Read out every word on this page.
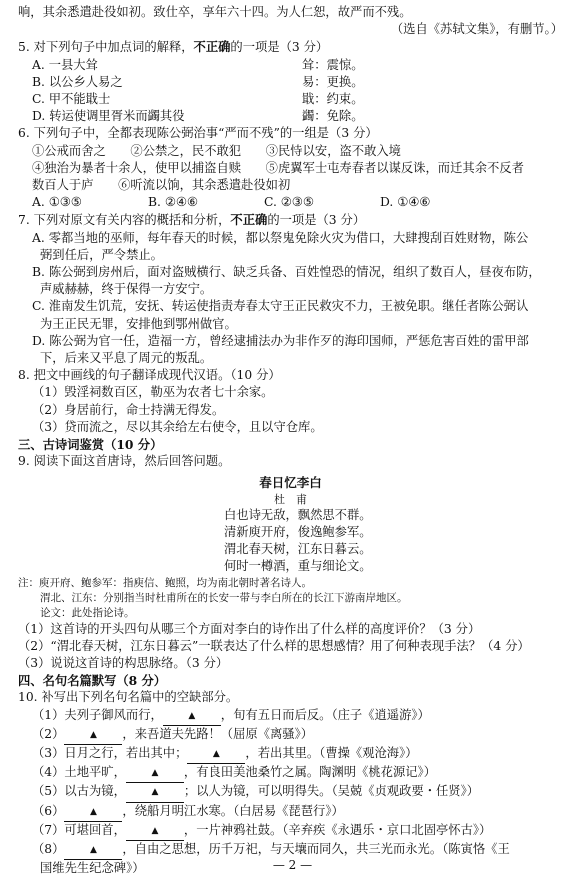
响，其余悉遣赴役如初。致仕卒，享年六十四。为人仁恕，故严而不残。
（选自《苏轼文集》，有删节。）
5. 对下列句子中加点词的解释，不正确的一项是（3 分）
A. 一县大耸	耸：震惊。
B. 以公乡人易之	易：更换。
C. 甲不能戢士	戢：约束。
D. 转运使调里胥米而蠲其役	蠲：免除。
6. 下列句子中，全都表现陈公弼治事“严而不残”的一组是（3 分）
①公戒而舍之　　 ②公禁之，民不敢犯　　 ③民恃以安，盗不敢入境
④独治为暴者十余人，使甲以捕盗自赎　　⑤虎翼军士屯寿春者以谋反诛，而迁其余不反者
数百人于庐　　⑥听流以饷，其余悉遣赴役如初
A. ①③⑤	B. ②④⑥	C. ②③⑤	D. ①④⑥
7. 下列对原文有关内容的概括和分析，不正确的一项是（3 分）
A. 零都当地的巫师，每年春天的时候，都以祭鬼免除火灾为借口，大肆搜刮百姓财物，陈公
弼到任后，严令禁止。
B. 陈公弼到房州后，面对盗贼横行、缺乏兵备、百姓惶恐的情况，组织了数百人，昼夜布防，
声威赫赫，终于保得一方安宁。
C. 淮南发生饥荒，安抚、转运使指责寿春太守王正民救灾不力，王被免职。继任者陈公弼认
为王正民无罪，安排他到鄂州做官。
D. 陈公弼为官一任，造福一方，曾经逮捕法办为非作歹的海印国师，严惩危害百姓的雷甲部
下，后来又平息了周元的叛乱。
8. 把文中画线的句子翻译成现代汉语。（10 分）
（1）毁淫祠数百区，勒巫为农者七十余家。
（2）身居前行，命士持满无得发。
（3）贷而流之，尽以其余给左右使令，且以守仓库。
三、古诗词鉴赏（10 分）
9. 阅读下面这首唐诗，然后回答问题。
春日忆李白
杜　甫
白也诗无敌，飘然思不群。
清新庾开府，俊逸鲍参军。
渭北春天树，江东日暮云。
何时一樽酒，重与细论文。
注：庾开府、鲍参军：指庾信、鲍照，均为南北朝时著名诗人。
渭北、江东：分别指当时杜甫所在的长安一带与李白所在的长江下游南岸地区。
论文：此处指论诗。
（1）这首诗的开头四句从哪三个方面对李白的诗作出了什么样的高度评价？（3 分）
（2）“渭北春天树，江东日暮云”一联表达了什么样的思想感情？用了何种表现手法？（4 分）
（3）说说这首诗的构思脉络。（3 分）
四、名句名篇默写（8 分）
10. 补写出下列名句名篇中的空缺部分。
（1）夫列子御风而行，	▲ ，旬有五日而后反。（庄子《逍遥游》）
（2）	▲ ，来吾道夫先路！（屈原《离骚》）
（3）日月之行，若出其中；	▲ ，若出其里。（曹操《观沧海》）
（4）土地平旷，	▲ ，有良田美池桑竹之属。陶渊明《桃花源记》）
（5）以古为镜，	▲ ；以人为镜，可以明得失。（吴兢《贞观政要・任贤》）
（6）	▲ ，绕船月明江水寒。（白居易《琵琶行》）
（7）可堪回首，	▲ ，一片神鸦社鼓。（辛弃疾《永遇乐・京口北固亭怀古》）
（8）	▲ ，自由之思想，历千万祀，与天壤而同久，共三光而永光。（陈寅恪《王
国维先生纪念碑》）	— 2 —
